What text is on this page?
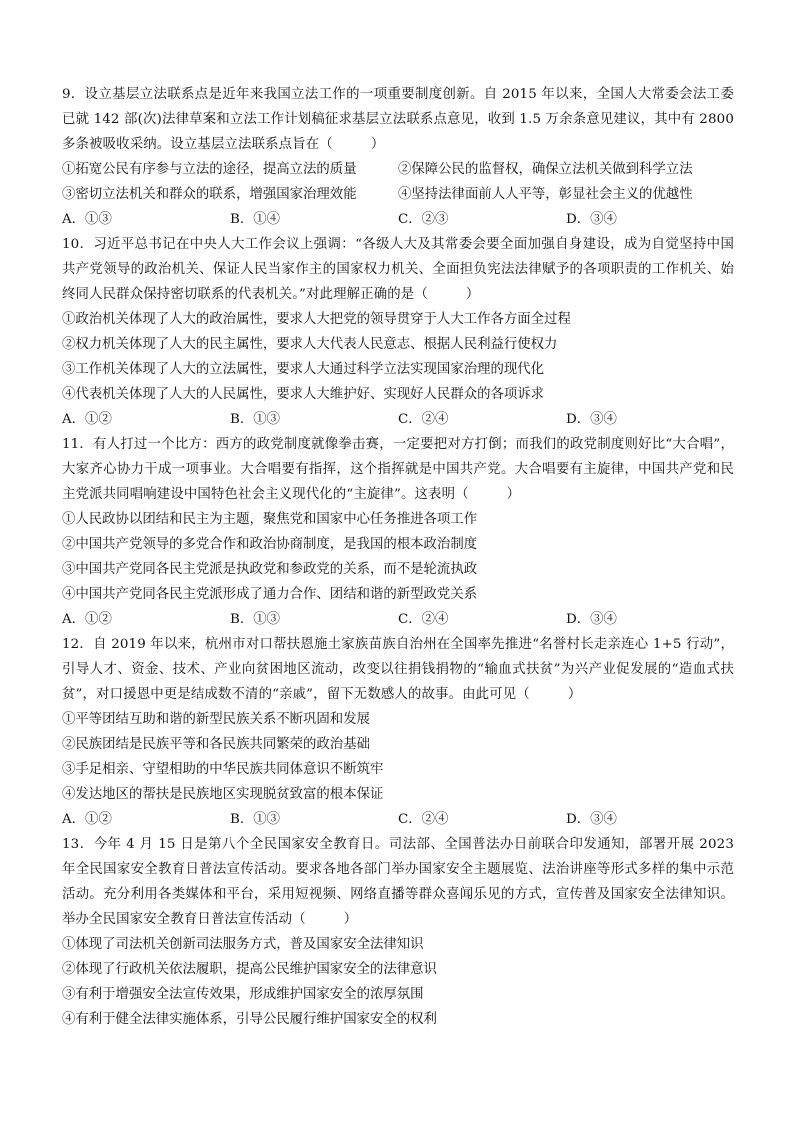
9．设立基层立法联系点是近年来我国立法工作的一项重要制度创新。自 2015 年以来，全国人大常委会法工委已就 142 部(次)法律草案和立法工作计划稿征求基层立法联系点意见，收到 1.5 万余条意见建议，其中有 2800 多条被吸收采纳。设立基层立法联系点旨在（	）

①拓宽公民有序参与立法的途径，提高立法的质量	②保障公民的监督权，确保立法机关做到科学立法
③密切立法机关和群众的联系，增强国家治理效能	④坚持法律面前人人平等，彰显社会主义的优越性
A．①③	B．①④	C．②③	D．③④

10．习近平总书记在中央人大工作会议上强调：“各级人大及其常委会要全面加强自身建设，成为自觉坚持中国共产党领导的政治机关、保证人民当家作主的国家权力机关、全面担负宪法法律赋予的各项职责的工作机关、始终同人民群众保持密切联系的代表机关。”对此理解正确的是（	）

①政治机关体现了人大的政治属性，要求人大把党的领导贯穿于人大工作各方面全过程
②权力机关体现了人大的民主属性，要求人大代表人民意志、根据人民利益行使权力
③工作机关体现了人大的立法属性，要求人大通过科学立法实现国家治理的现代化
④代表机关体现了人大的人民属性，要求人大维护好、实现好人民群众的各项诉求
A．①②	B．①③	C．②④	D．③④

11．有人打过一个比方：西方的政党制度就像拳击赛，一定要把对方打倒；而我们的政党制度则好比“大合唱”，大家齐心协力干成一项事业。大合唱要有指挥，这个指挥就是中国共产党。大合唱要有主旋律，中国共产党和民主党派共同唱响建设中国特色社会主义现代化的“主旋律”。这表明（	）

①人民政协以团结和民主为主题，聚焦党和国家中心任务推进各项工作
②中国共产党领导的多党合作和政治协商制度，是我国的根本政治制度
③中国共产党同各民主党派是执政党和参政党的关系，而不是轮流执政
④中国共产党同各民主党派形成了通力合作、团结和谐的新型政党关系
A．①②	B．①③	C．②④	D．③④

12．自 2019 年以来，杭州市对口帮扶恩施土家族苗族自治州在全国率先推进“名誉村长走亲连心 1+5 行动”，引导人才、资金、技术、产业向贫困地区流动，改变以往捐钱捐物的“输血式扶贫”为兴产业促发展的“造血式扶贫”，对口援恩中更是结成数不清的“亲戚”，留下无数感人的故事。由此可见（	）

①平等团结互助和谐的新型民族关系不断巩固和发展
②民族团结是民族平等和各民族共同繁荣的政治基础
③手足相亲、守望相助的中华民族共同体意识不断筑牢
④发达地区的帮扶是民族地区实现脱贫致富的根本保证
A．①②	B．①③	C．②④	D．③④

13．今年 4 月 15 日是第八个全民国家安全教育日。司法部、全国普法办日前联合印发通知，部署开展 2023 年全民国家安全教育日普法宣传活动。要求各地各部门举办国家安全主题展览、法治讲座等形式多样的集中示范活动。充分利用各类媒体和平台，采用短视频、网络直播等群众喜闻乐见的方式，宣传普及国家安全法律知识。举办全民国家安全教育日普法宣传活动（	）

①体现了司法机关创新司法服务方式，普及国家安全法律知识
②体现了行政机关依法履职，提高公民维护国家安全的法律意识
③有利于增强安全法宣传效果，形成维护国家安全的浓厚氛围
④有利于健全法律实施体系，引导公民履行维护国家安全的权利
